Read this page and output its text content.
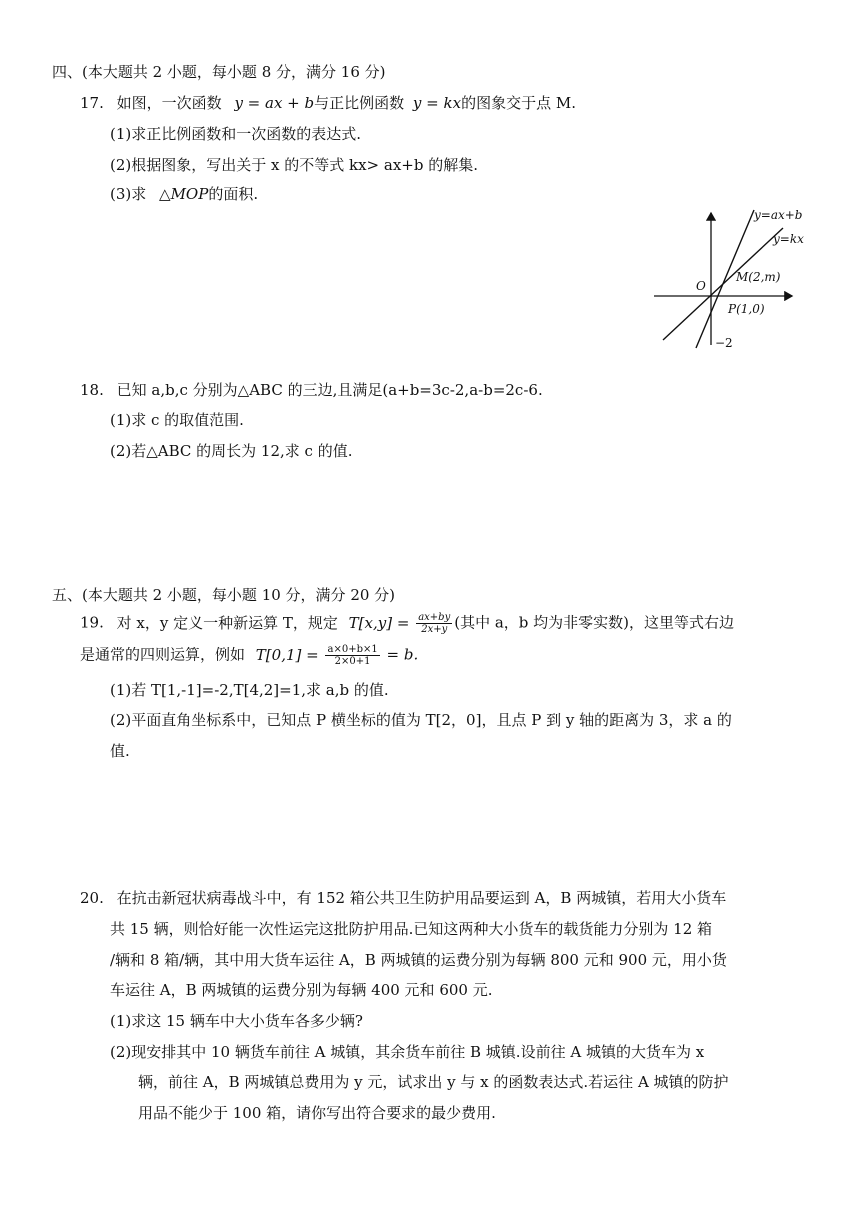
四、(本大题共 2 小题，每小题 8 分，满分 16 分)
17. 如图，一次函数 y = ax + b与正比例函数 y = kx的图象交于点 M.
(1)求正比例函数和一次函数的表达式.
(2)根据图象，写出关于 x 的不等式 kx> ax+b 的解集.
(3)求 △MOP的面积.
y=ax+b
y=kx
O
M(2,m)
P(1,0)
−2
18. 已知 a,b,c 分别为△ABC 的三边,且满足(a+b=3c-2,a-b=2c-6.
(1)求 c 的取值范围.
(2)若△ABC 的周长为 12,求 c 的值.
五、(本大题共 2 小题，每小题 10 分，满分 20 分)
19. 对 x，y 定义一种新运算 T，规定 $T[x,y] = \frac{ax+by}{2x+y}$ (其中 a，b 均为非零实数)，这里等式右边
是通常的四则运算，例如 $T[0,1] = \frac{a\times 0+b\times 1}{2\times 0+1} = b$.
(1)若 T[1,-1]=-2,T[4,2]=1,求 a,b 的值.
(2)平面直角坐标系中，已知点 P 横坐标的值为 T[2，0]，且点 P 到 y 轴的距离为 3，求 a 的
值.
20. 在抗击新冠状病毒战斗中，有 152 箱公共卫生防护用品要运到 A，B 两城镇，若用大小货车
共 15 辆，则恰好能一次性运完这批防护用品.已知这两种大小货车的载货能力分别为 12 箱
/辆和 8 箱/辆，其中用大货车运往 A，B 两城镇的运费分别为每辆 800 元和 900 元，用小货
车运往 A，B 两城镇的运费分别为每辆 400 元和 600 元.
(1)求这 15 辆车中大小货车各多少辆?
(2)现安排其中 10 辆货车前往 A 城镇，其余货车前往 B 城镇.设前往 A 城镇的大货车为 x
辆，前往 A，B 两城镇总费用为 y 元，试求出 y 与 x 的函数表达式.若运往 A 城镇的防护
用品不能少于 100 箱，请你写出符合要求的最少费用.
